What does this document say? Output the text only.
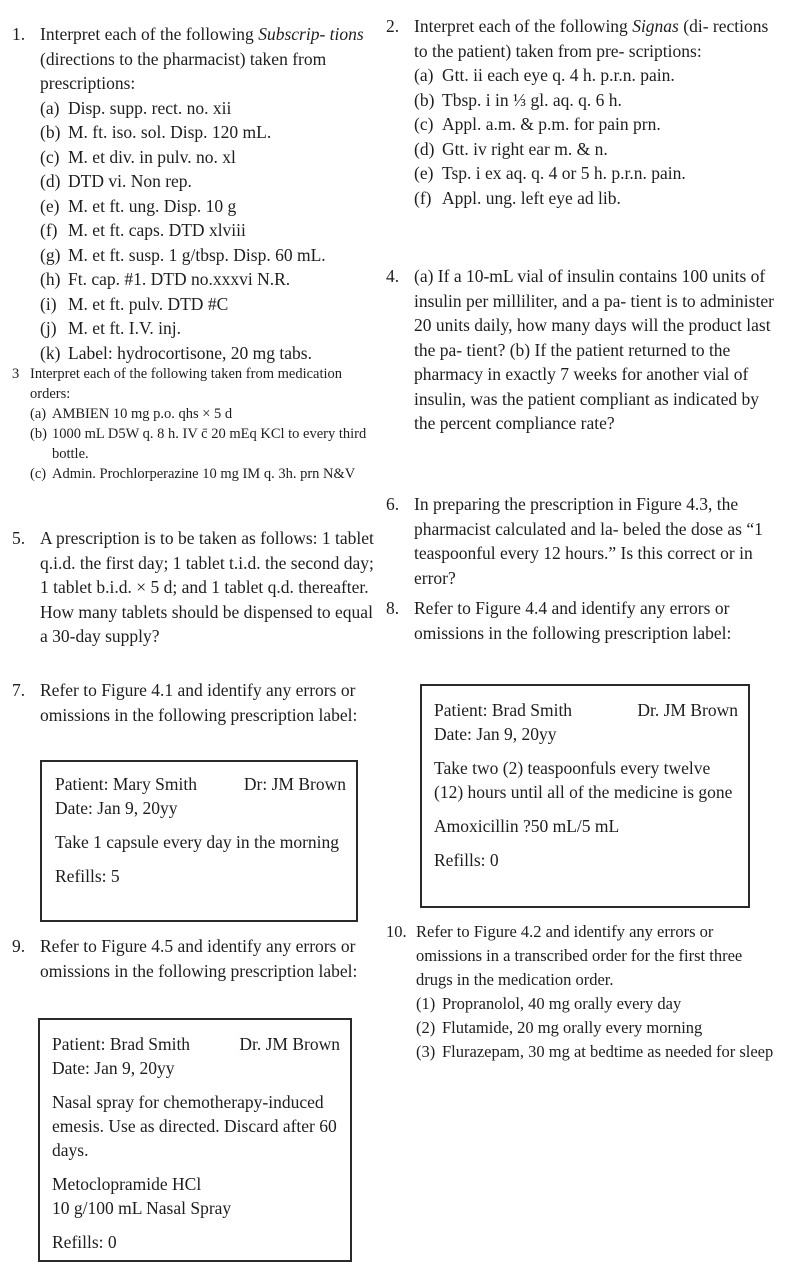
1. Interpret each of the following Subscrip- tions (directions to the pharmacist) taken from prescriptions:
(a) Disp. supp. rect. no. xii
(b) M. ft. iso. sol. Disp. 120 mL.
(c) M. et div. in pulv. no. xl
(d) DTD vi. Non rep.
(e) M. et ft. ung. Disp. 10 g
(f) M. et ft. caps. DTD xlviii
(g) M. et ft. susp. 1 g/tbsp. Disp. 60 mL.
(h) Ft. cap. #1. DTD no.xxxvi N.R.
(i) M. et ft. pulv. DTD #C
(j) M. et ft. I.V. inj.
(k) Label: hydrocortisone, 20 mg tabs.
3 Interpret each of the following taken from medication orders:
(a) AMBIEN 10 mg p.o. qhs × 5 d
(b) 1000 mL D5W q. 8 h. IV c̄ 20 mEq KCl to every third bottle.
(c) Admin. Prochlorperazine 10 mg IM q. 3h. prn N&V
5. A prescription is to be taken as follows: 1 tablet q.i.d. the first day; 1 tablet t.i.d. the second day; 1 tablet b.i.d. × 5 d; and 1 tablet q.d. thereafter. How many tablets should be dispensed to equal a 30-day supply?
7. Refer to Figure 4.1 and identify any errors or omissions in the following prescription label:
Patient: Mary Smith	Dr: JM Brown

Date: Jan 9, 20yy

Take 1 capsule every day in the morning

Refills: 5

9. Refer to Figure 4.5 and identify any errors or omissions in the following prescription label:
Patient: Brad Smith	Dr. JM Brown

Date: Jan 9, 20yy

Nasal spray for chemotherapy-induced emesis. Use as directed. Discard after 60 days.

Metoclopramide HCl

10 g/100 mL Nasal Spray

Refills: 0

2. Interpret each of the following Signas (di- rections to the patient) taken from pre- scriptions:
(a) Gtt. ii each eye q. 4 h. p.r.n. pain.
(b) Tbsp. i in ⅓ gl. aq. q. 6 h.
(c) Appl. a.m. & p.m. for pain prn.
(d) Gtt. iv right ear m. & n.
(e) Tsp. i ex aq. q. 4 or 5 h. p.r.n. pain.
(f) Appl. ung. left eye ad lib.
4. (a) If a 10-mL vial of insulin contains 100 units of insulin per milliliter, and a pa- tient is to administer 20 units daily, how many days will the product last the pa- tient? (b) If the patient returned to the pharmacy in exactly 7 weeks for another vial of insulin, was the patient compliant as indicated by the percent compliance rate?
6. In preparing the prescription in Figure 4.3, the pharmacist calculated and la- beled the dose as “1 teaspoonful every 12 hours.” Is this correct or in error?
8. Refer to Figure 4.4 and identify any errors or omissions in the following prescription label:
Patient: Brad Smith	Dr. JM Brown

Date: Jan 9, 20yy

Take two (2) teaspoonfuls every twelve (12) hours until all of the medicine is gone

Amoxicillin ?50 mL/5 mL

Refills: 0

10. Refer to Figure 4.2 and identify any errors or omissions in a transcribed order for the first three drugs in the medication order.
(1) Propranolol, 40 mg orally every day
(2) Flutamide, 20 mg orally every morning
(3) Flurazepam, 30 mg at bedtime as needed for sleep
